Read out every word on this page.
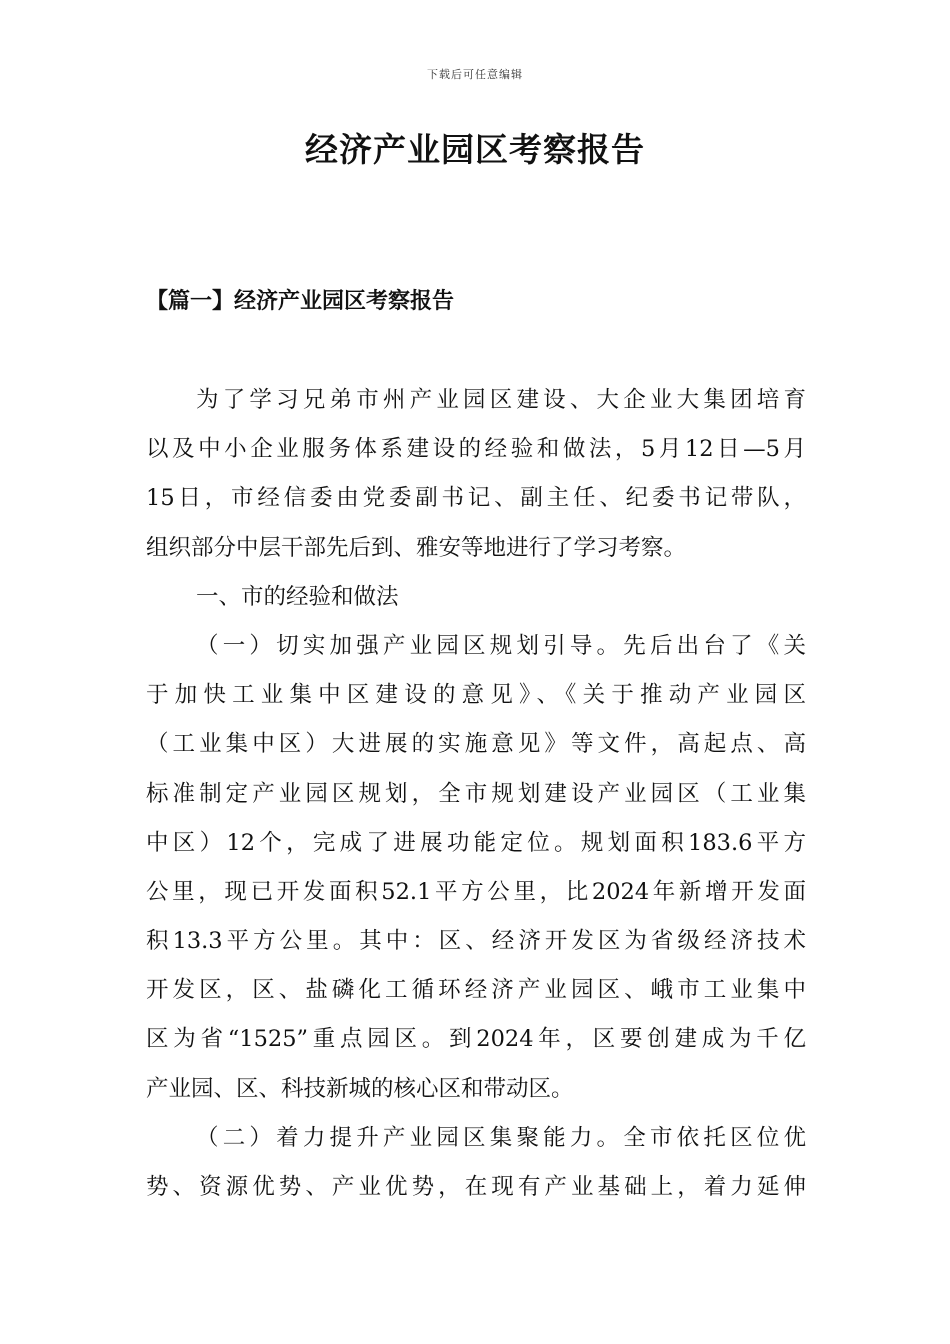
下载后可任意编辑
经济产业园区考察报告
【篇一】经济产业园区考察报告
为了学习兄弟市州产业园区建设、大企业大集团培育
以及中小企业服务体系建设的经验和做法，5月12日—5月
15日，市经信委由党委副书记、副主任、纪委书记带队，
组织部分中层干部先后到、雅安等地进行了学习考察。
一、市的经验和做法
（一）切实加强产业园区规划引导。先后出台了《关
于加快工业集中区建设的意见》、《关于推动产业园区
（工业集中区）大进展的实施意见》等文件，高起点、高
标准制定产业园区规划，全市规划建设产业园区（工业集
中区）12个，完成了进展功能定位。规划面积183.6平方
公里，现已开发面积52.1平方公里，比2024年新增开发面
积13.3平方公里。其中：区、经济开发区为省级经济技术
开发区，区、盐磷化工循环经济产业园区、峨市工业集中
区为省“1525”重点园区。到2024年，区要创建成为千亿
产业园、区、科技新城的核心区和带动区。
（二）着力提升产业园区集聚能力。全市依托区位优
势、资源优势、产业优势，在现有产业基础上，着力延伸
